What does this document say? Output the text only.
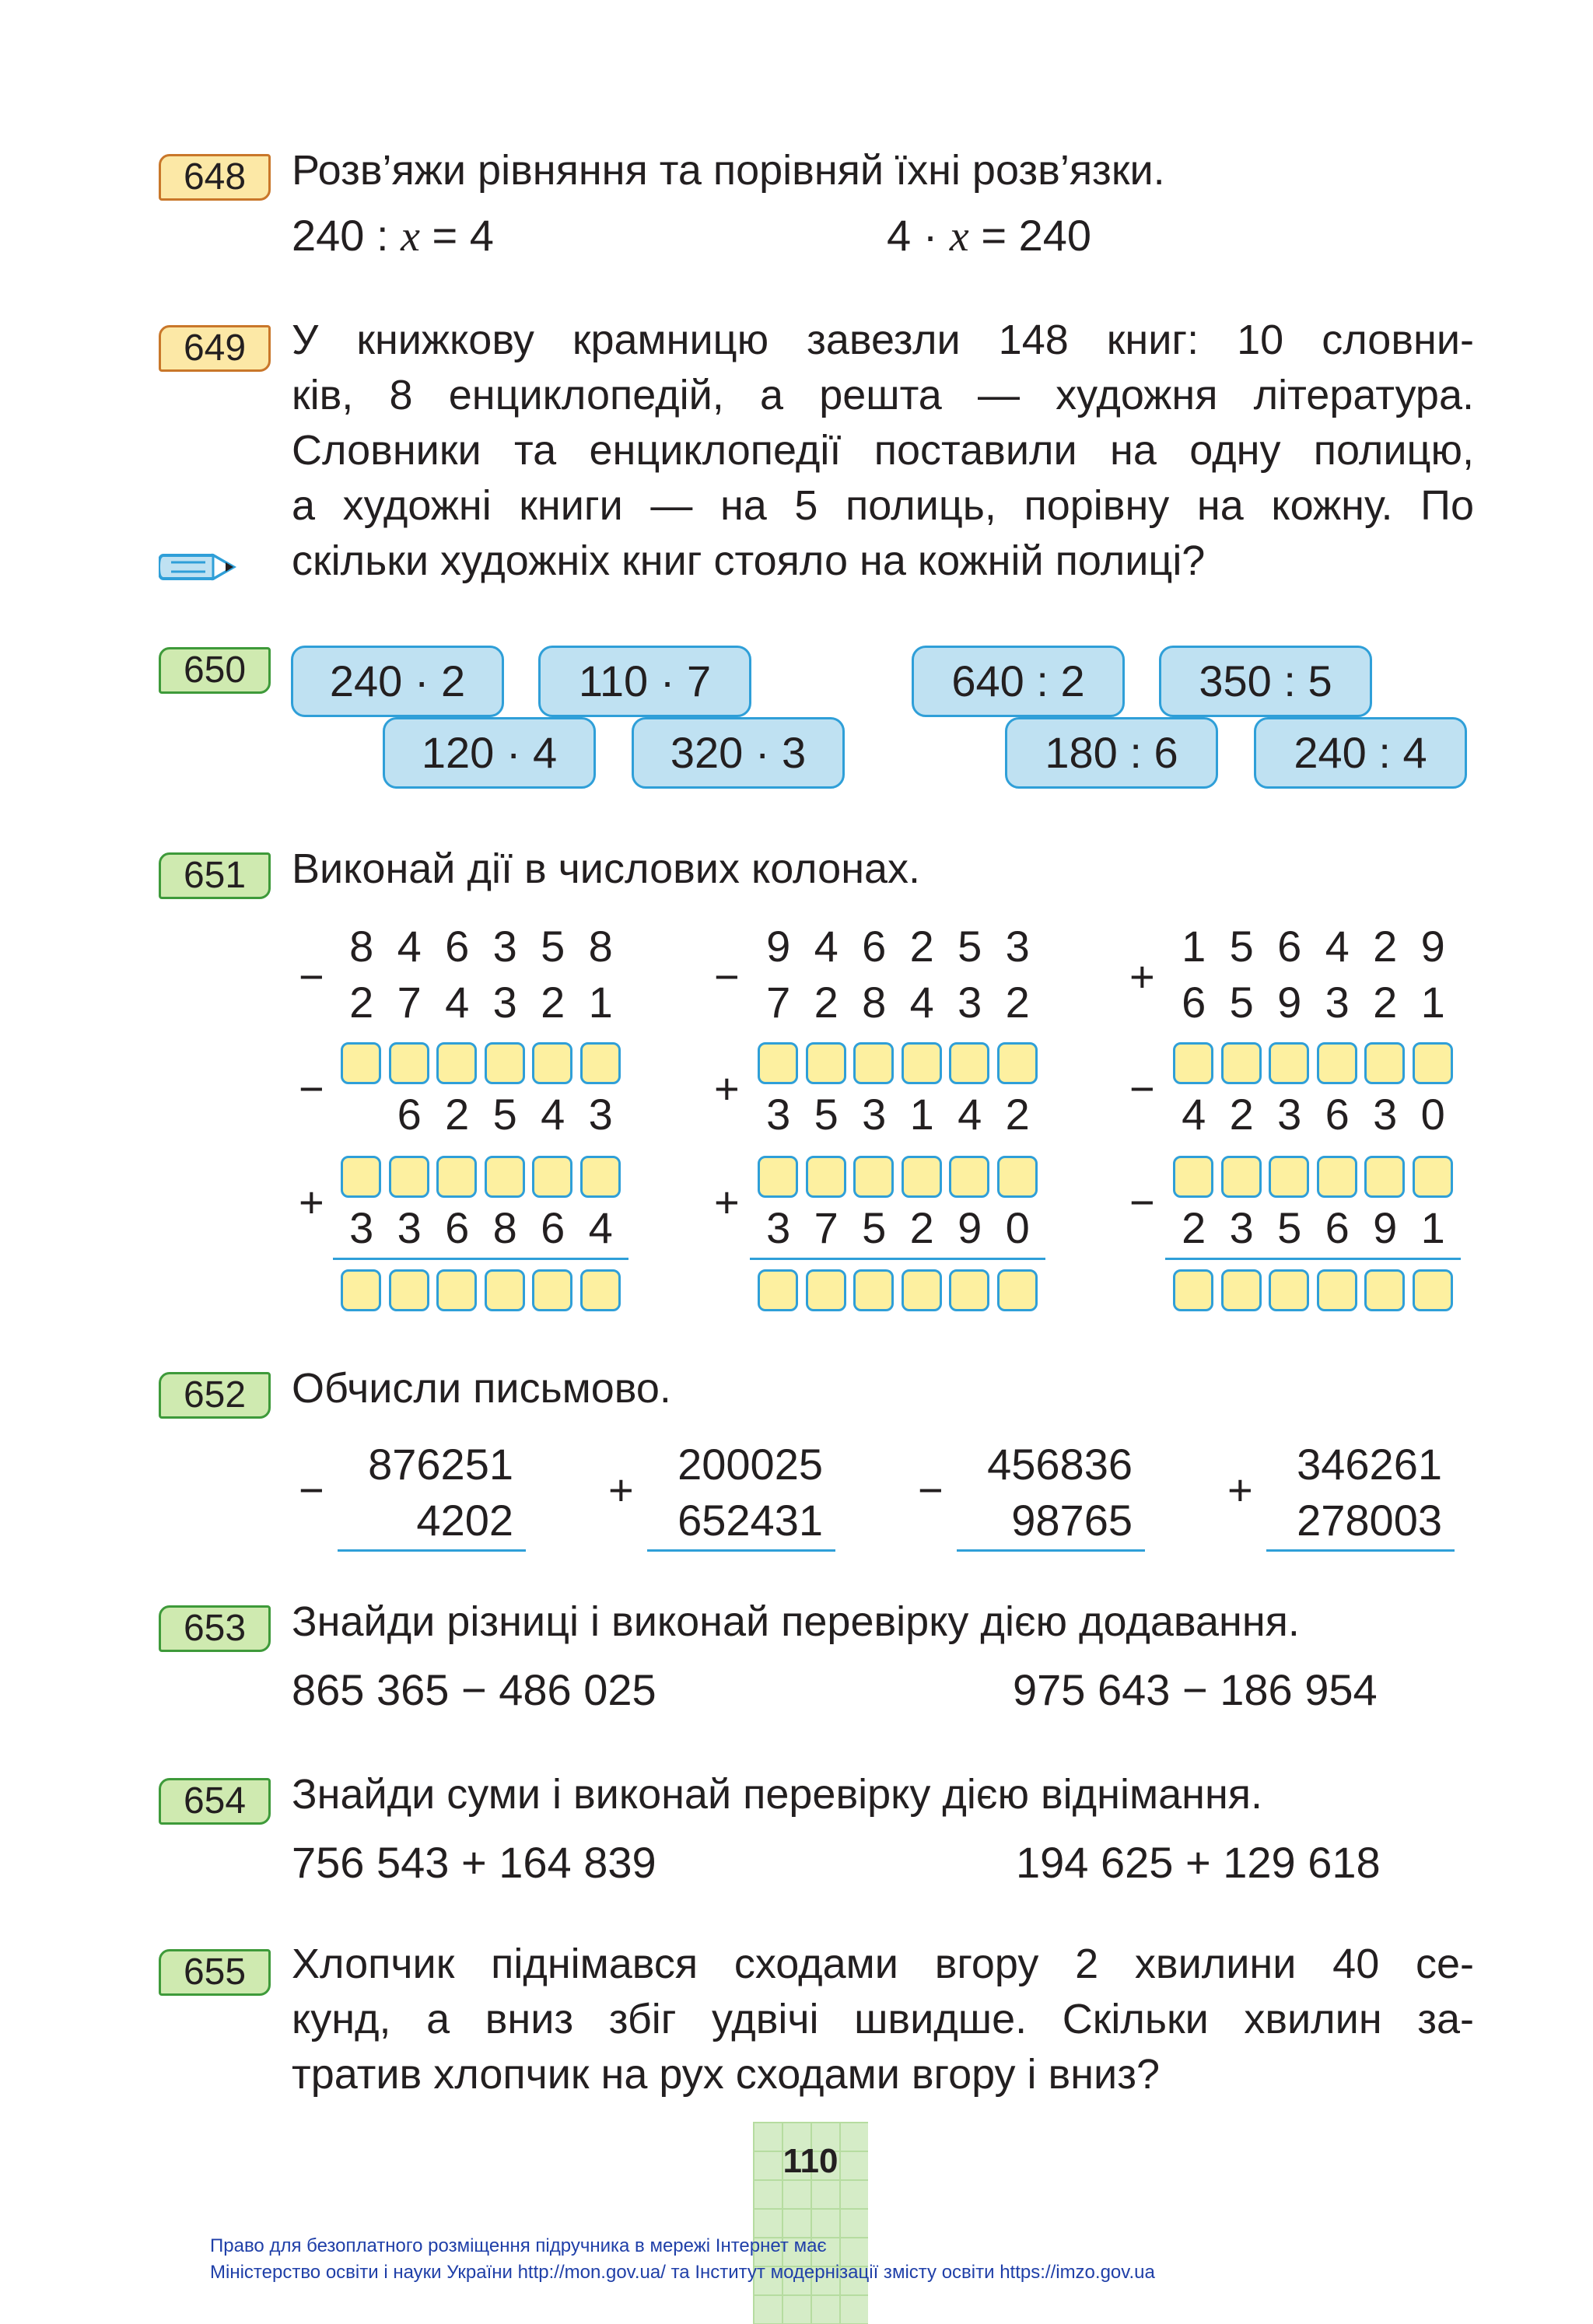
648	Розв’яжи рівняння та порівняй їхні розв’язки.
240 : х = 4	4 · х = 240
649	У книжкову крамницю завезли 148 книг: 10 словни-
ків, 8 енциклопедій, а решта — художня література.
Словники та енциклопедії поставили на одну полицю,
а художні книги — на 5 полиць, порівну на кожну. По
скільки художніх книг стояло на кожній полиці?
650	240 · 2	110 · 7
120 · 4	320 · 3
640 : 2	350 : 5
180 : 6	240 : 4
651	Виконай дії в числових колонах.
−
8 4 6 3 5 8
2 7 4 3 2 1
−
6 2 5 4 3
+
3 3 6 8 6 4
−
9 4 6 2 5 3
7 2 8 4 3 2
+
3 5 3 1 4 2
+
3 7 5 2 9 0
+
1 5 6 4 2 9
6 5 9 3 2 1
−
4 2 3 6 3 0
−
2 3 5 6 9 1
652	Обчисли письмово.
−
876251
4202
+
200025
652431
−
456836
98765
+
346261
278003
653	Знайди різниці і виконай перевірку дією додавання.
865 365 − 486 025	975 643 − 186 954
654	Знайди суми і виконай перевірку дією віднімання.
756 543 + 164 839	194 625 + 129 618
655	Хлопчик піднімався сходами вгору 2 хвилини 40 се-
кунд, а вниз збіг удвічі швидше. Скільки хвилин за-
тратив хлопчик на рух сходами вгору і вниз?
110
Право для безоплатного розміщення підручника в мережі Інтернет має
Міністерство освіти і науки України http://mon.gov.ua/ та Інститут модернізації змісту освіти https://imzo.gov.ua
